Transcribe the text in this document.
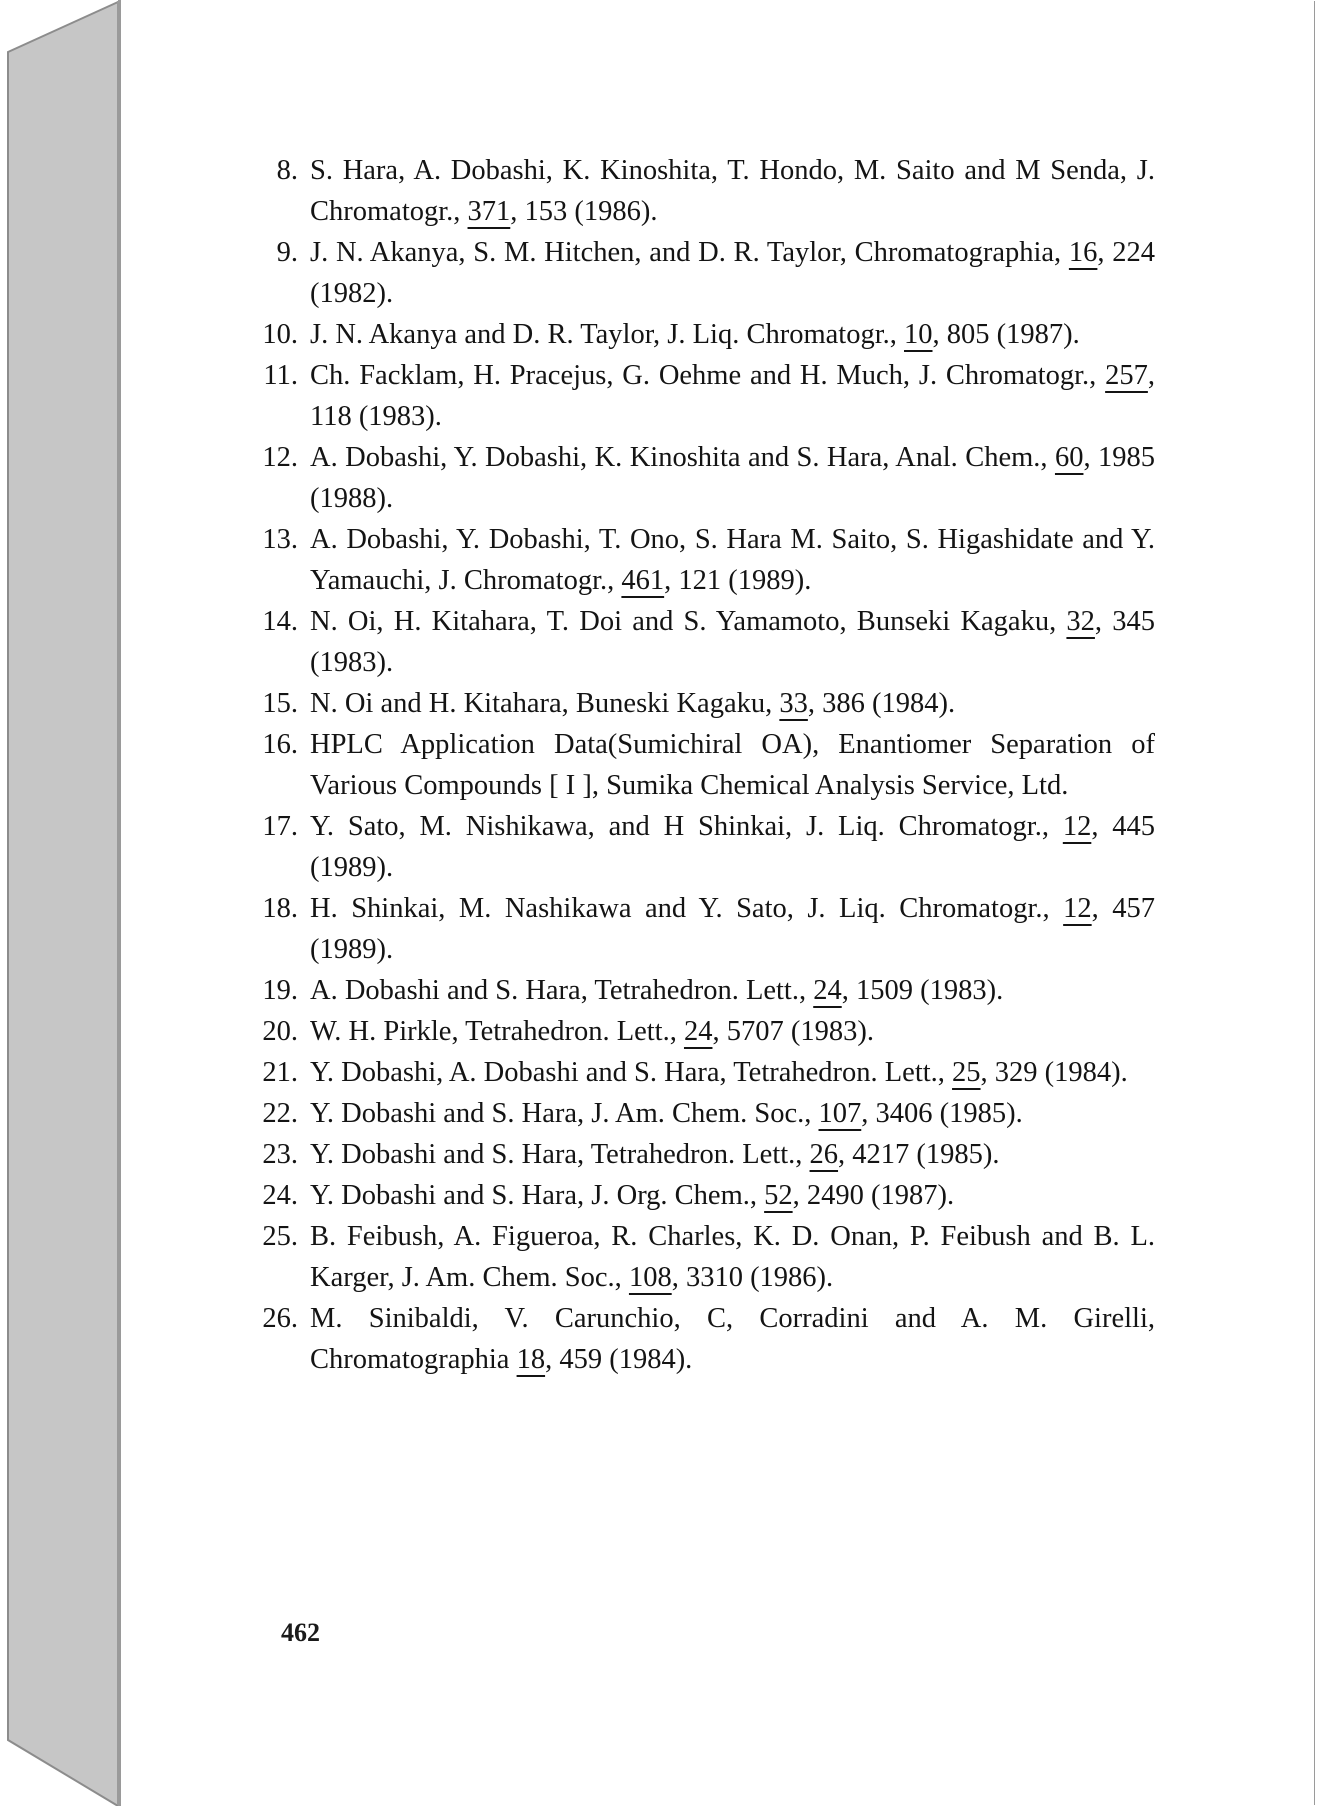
8. S. Hara, A. Dobashi, K. Kinoshita, T. Hondo, M. Saito and M Senda, J. Chromatogr., 371, 153 (1986).
9. J. N. Akanya, S. M. Hitchen, and D. R. Taylor, Chromatographia, 16, 224 (1982).
10. J. N. Akanya and D. R. Taylor, J. Liq. Chromatogr., 10, 805 (1987).
11. Ch. Facklam, H. Pracejus, G. Oehme and H. Much, J. Chromatogr., 257, 118 (1983).
12. A. Dobashi, Y. Dobashi, K. Kinoshita and S. Hara, Anal. Chem., 60, 1985 (1988).
13. A. Dobashi, Y. Dobashi, T. Ono, S. Hara M. Saito, S. Higashidate and Y. Yamauchi, J. Chromatogr., 461, 121 (1989).
14. N. Oi, H. Kitahara, T. Doi and S. Yamamoto, Bunseki Kagaku, 32, 345 (1983).
15. N. Oi and H. Kitahara, Buneski Kagaku, 33, 386 (1984).
16. HPLC Application Data(Sumichiral OA), Enantiomer Separation of Various Compounds [ I ], Sumika Chemical Analysis Service, Ltd.
17. Y. Sato, M. Nishikawa, and H Shinkai, J. Liq. Chromatogr., 12, 445 (1989).
18. H. Shinkai, M. Nashikawa and Y. Sato, J. Liq. Chromatogr., 12, 457 (1989).
19. A. Dobashi and S. Hara, Tetrahedron. Lett., 24, 1509 (1983).
20. W. H. Pirkle, Tetrahedron. Lett., 24, 5707 (1983).
21. Y. Dobashi, A. Dobashi and S. Hara, Tetrahedron. Lett., 25, 329 (1984).
22. Y. Dobashi and S. Hara, J. Am. Chem. Soc., 107, 3406 (1985).
23. Y. Dobashi and S. Hara, Tetrahedron. Lett., 26, 4217 (1985).
24. Y. Dobashi and S. Hara, J. Org. Chem., 52, 2490 (1987).
25. B. Feibush, A. Figueroa, R. Charles, K. D. Onan, P. Feibush and B. L. Karger, J. Am. Chem. Soc., 108, 3310 (1986).
26. M. Sinibaldi, V. Carunchio, C, Corradini and A. M. Girelli, Chromatographia 18, 459 (1984).
462
